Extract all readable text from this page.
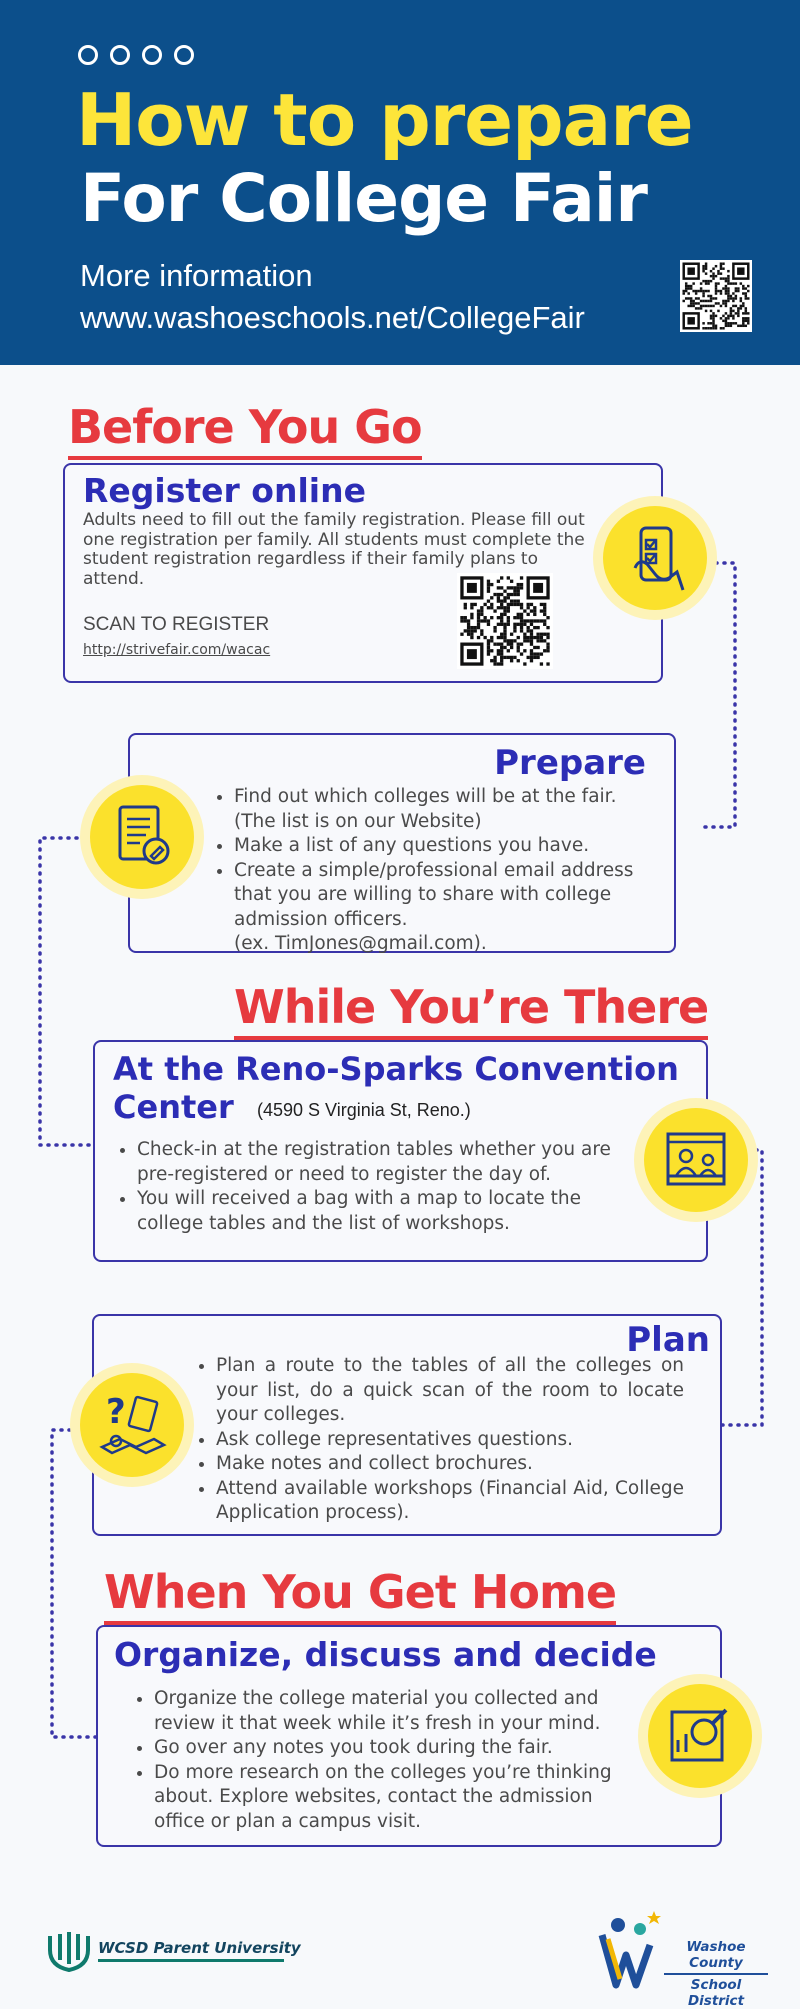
How to prepare
For College Fair
More information
www.washoeschools.net/CollegeFair
Before You Go
Register online
Adults need to fill out the family registration. Please fill out one registration per family. All students must complete the student registration regardless if their family plans to attend.
SCAN TO REGISTER
http://strivefair.com/wacac
Prepare
• Find out which colleges will be at the fair.
(The list is on our Website)
• Make a list of any questions you have.
• Create a simple/professional email address that you are willing to share with college admission officers.
(ex. TimJones@gmail.com).
While You’re There
At the Reno-Sparks Convention
Center (4590 S Virginia St, Reno.)
• Check-in at the registration tables whether you are pre-registered or need to register the day of.
• You will received a bag with a map to locate the college tables and the list of workshops.
Plan
• Plan a route to the tables of all the colleges on your list, do a quick scan of the room to locate your colleges.
• Ask college representatives questions.
• Make notes and collect brochures.
• Attend available workshops (Financial Aid, College Application process).
?
When You Get Home
Organize, discuss and decide
• Organize the college material you collected and review it that week while it’s fresh in your mind.
• Go over any notes you took during the fair.
• Do more research on the colleges you’re thinking about. Explore websites, contact the admission office or plan a campus visit.
WCSD Parent University	Washoe County
School District
